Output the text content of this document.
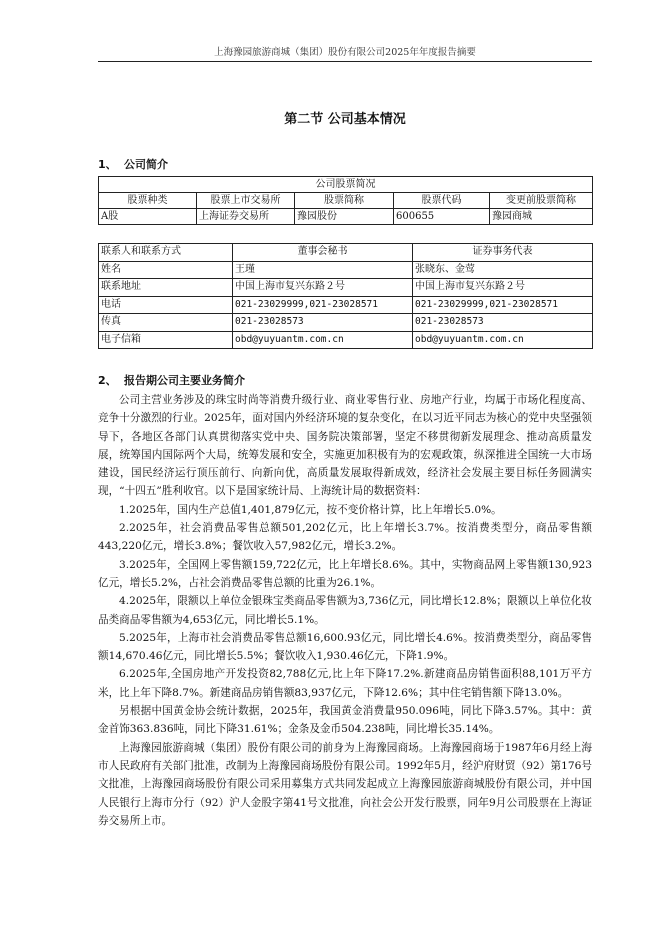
上海豫园旅游商城（集团）股份有限公司2025年年度报告摘要
第二节 公司基本情况
1、 公司简介
公司股票简况				
股票种类	股票上市交易所	股票简称	股票代码	变更前股票简称
A股	上海证券交易所	豫园股份	600655	豫园商城
联系人和联系方式	董事会秘书	证券事务代表
姓名	王瑾	张晓东、金莺
联系地址	中国上海市复兴东路２号	中国上海市复兴东路２号
电话	021-23029999,021-23028571	021-23029999,021-23028571
传真	021-23028573	021-23028573
电子信箱	obd@yuyuantm.com.cn	obd@yuyuantm.com.cn
2、 报告期公司主要业务简介

公司主营业务涉及的珠宝时尚等消费升级行业、商业零售行业、房地产行业，均属于市场化程度高、竞争十分激烈的行业。2025年，面对国内外经济环境的复杂变化，在以习近平同志为核心的党中央坚强领导下，各地区各部门认真贯彻落实党中央、国务院决策部署，坚定不移贯彻新发展理念、推动高质量发展，统筹国内国际两个大局，统筹发展和安全，实施更加积极有为的宏观政策，纵深推进全国统一大市场建设，国民经济运行顶压前行、向新向优，高质量发展取得新成效，经济社会发展主要目标任务圆满实现，“十四五”胜利收官。以下是国家统计局、上海统计局的数据资料：

1.2025年，国内生产总值1,401,879亿元，按不变价格计算，比上年增长5.0%。

2.2025年，社会消费品零售总额501,202亿元，比上年增长3.7%。按消费类型分，商品零售额443,220亿元，增长3.8%；餐饮收入57,982亿元，增长3.2%。

3.2025年，全国网上零售额159,722亿元，比上年增长8.6%。其中，实物商品网上零售额130,923亿元，增长5.2%，占社会消费品零售总额的比重为26.1%。

4.2025年，限额以上单位金银珠宝类商品零售额为3,736亿元，同比增长12.8%；限额以上单位化妆品类商品零售额为4,653亿元，同比增长5.1%。

5.2025年，上海市社会消费品零售总额16,600.93亿元，同比增长4.6%。按消费类型分，商品零售额14,670.46亿元，同比增长5.5%；餐饮收入1,930.46亿元，下降1.9%。

6.2025年,全国房地产开发投资82,788亿元,比上年下降17.2%.新建商品房销售面积88,101万平方米，比上年下降8.7%。新建商品房销售额83,937亿元，下降12.6%；其中住宅销售额下降13.0%。

另根据中国黄金协会统计数据，2025年，我国黄金消费量950.096吨，同比下降3.57%。其中：黄金首饰363.836吨，同比下降31.61%；金条及金币504.238吨，同比增长35.14%。

上海豫园旅游商城（集团）股份有限公司的前身为上海豫园商场。上海豫园商场于1987年6月经上海市人民政府有关部门批准，改制为上海豫园商场股份有限公司。1992年5月，经沪府财贸（92）第176号文批准，上海豫园商场股份有限公司采用募集方式共同发起成立上海豫园旅游商城股份有限公司，并中国人民银行上海市分行（92）沪人金股字第41号文批准，向社会公开发行股票，同年9月公司股票在上海证券交易所上市。
